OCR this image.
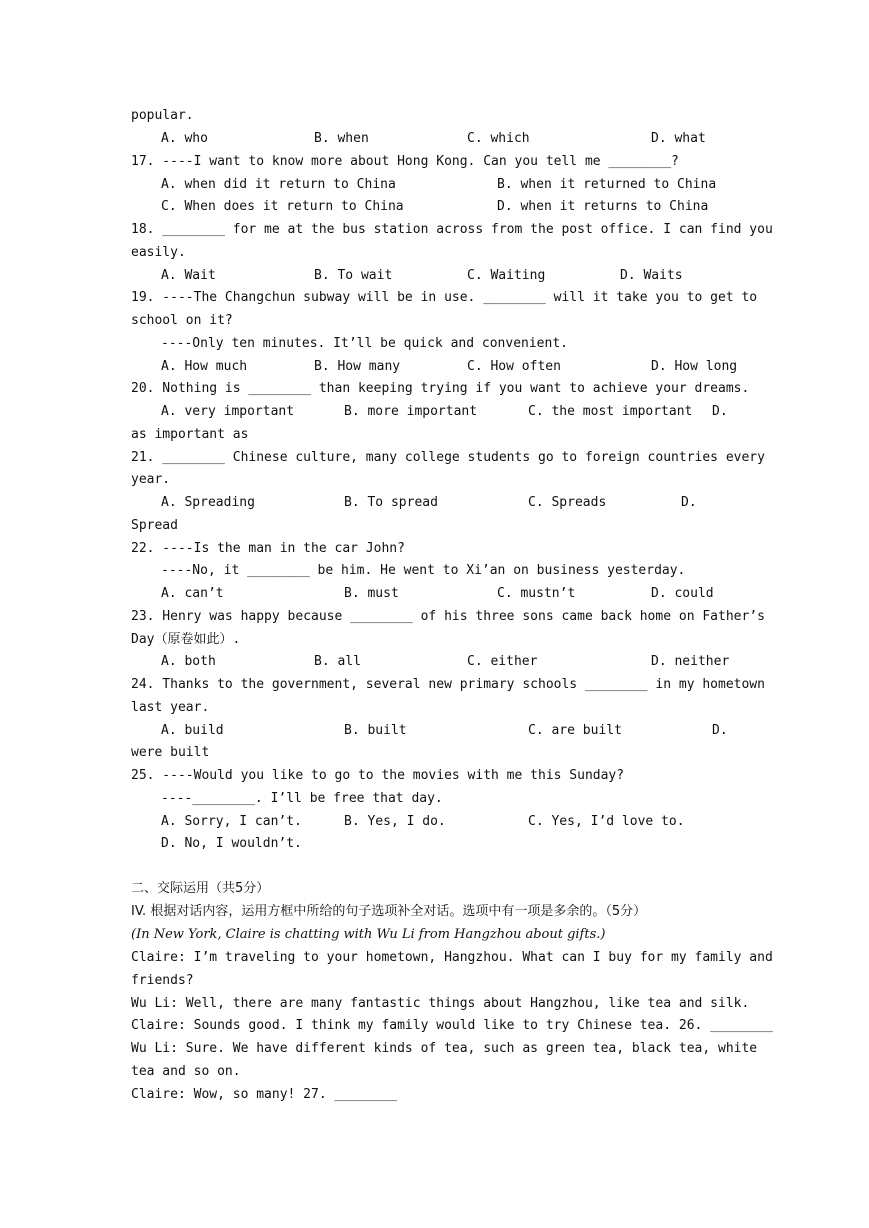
popular.
A. who	B. when	C. which	D. what
17. ----I want to know more about Hong Kong. Can you tell me ________?
A. when did it return to China	B. when it returned to China
C. When does it return to China	D. when it returns to China
18. ________ for me at the bus station across from the post office. I can find you
easily.
A. Wait	B. To wait	C. Waiting	D. Waits
19. ----The Changchun subway will be in use. ________ will it take you to get to
school on it?
----Only ten minutes. It’ll be quick and convenient.
A. How much	B. How many	C. How often	D. How long
20. Nothing is ________ than keeping trying if you want to achieve your dreams.
A. very important	B. more important	C. the most important D.
as important as
21. ________ Chinese culture, many college students go to foreign countries every
year.
A. Spreading	B. To spread	C. Spreads	D.
Spread
22. ----Is the man in the car John?
----No, it ________ be him. He went to Xi’an on business yesterday.
A. can’t	B. must	C. mustn’t	D. could
23. Henry was happy because ________ of his three sons came back home on Father’s
Day（原卷如此）.
A. both	B. all	C. either	D. neither
24. Thanks to the government, several new primary schools ________ in my hometown
last year.
A. build	B. built	C. are built	D.
were built
25. ----Would you like to go to the movies with me this Sunday?
----________. I’ll be free that day.
A. Sorry, I can’t.	B. Yes, I do.	C. Yes, I’d love to.
D. No, I wouldn’t.
二、交际运用（共5分）
IV. 根据对话内容，运用方框中所给的句子选项补全对话。选项中有一项是多余的。（5分）
(In New York, Claire is chatting with Wu Li from Hangzhou about gifts.)
Claire: I’m traveling to your hometown, Hangzhou. What can I buy for my family and
friends?
Wu Li: Well, there are many fantastic things about Hangzhou, like tea and silk.
Claire: Sounds good. I think my family would like to try Chinese tea. 26. ________
Wu Li: Sure. We have different kinds of tea, such as green tea, black tea, white
tea and so on.
Claire: Wow, so many! 27. ________
